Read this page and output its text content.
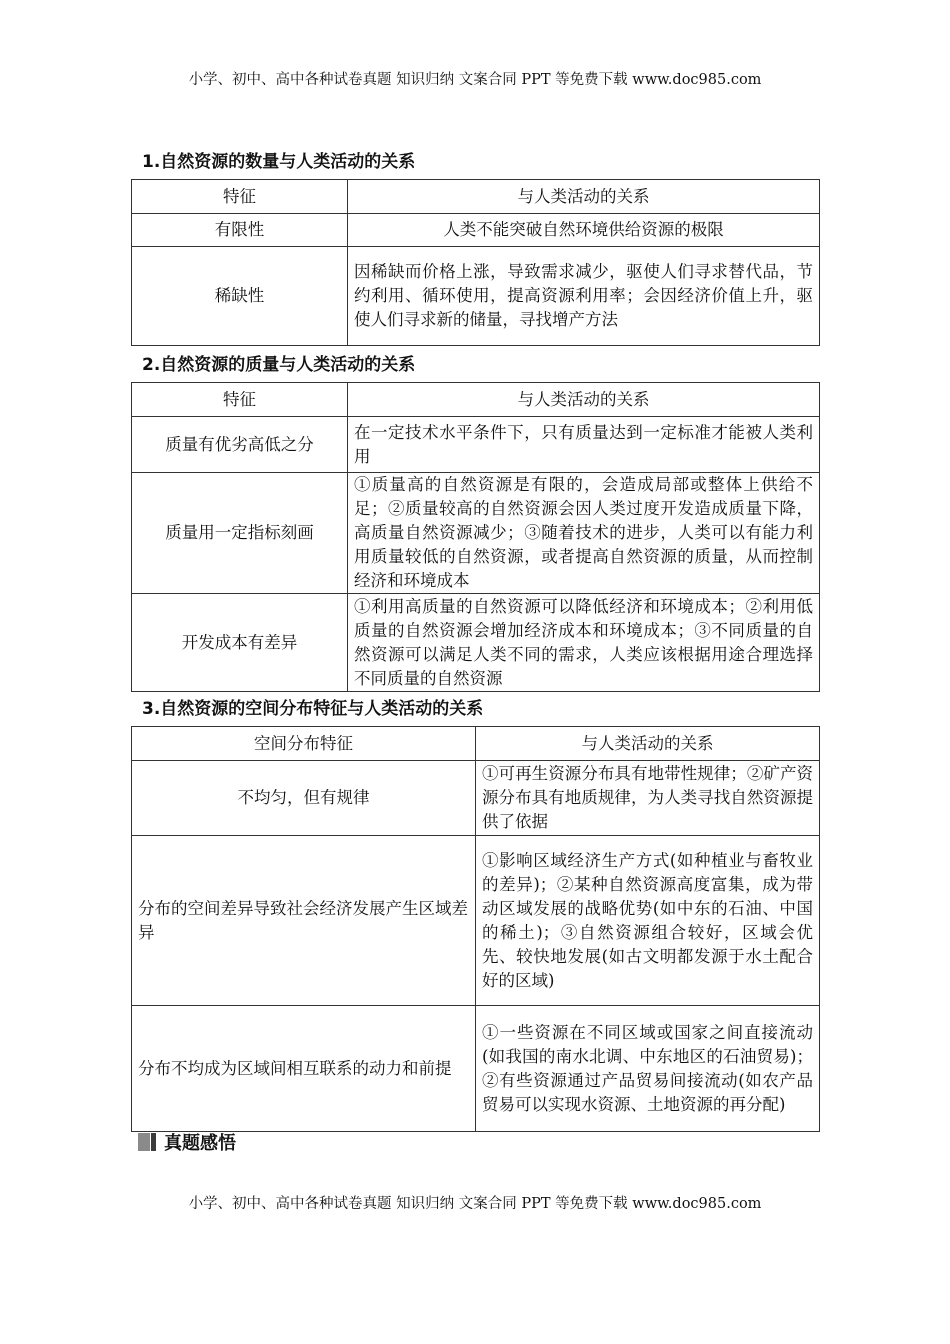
小学、初中、高中各种试卷真题 知识归纳 文案合同 PPT 等免费下载 www.doc985.com
1.自然资源的数量与人类活动的关系
特征	与人类活动的关系
有限性	人类不能突破自然环境供给资源的极限
稀缺性	因稀缺而价格上涨，导致需求减少，驱使人们寻求替代品，节约利用、循环使用，提高资源利用率；会因经济价值上升，驱使人们寻求新的储量，寻找增产方法
2.自然资源的质量与人类活动的关系
特征	与人类活动的关系
质量有优劣高低之分	在一定技术水平条件下，只有质量达到一定标准才能被人类利用
质量用一定指标刻画	①质量高的自然资源是有限的，会造成局部或整体上供给不足；②质量较高的自然资源会因人类过度开发造成质量下降，高质量自然资源减少；③随着技术的进步，人类可以有能力利用质量较低的自然资源，或者提高自然资源的质量，从而控制经济和环境成本
开发成本有差异	①利用高质量的自然资源可以降低经济和环境成本；②利用低质量的自然资源会增加经济成本和环境成本；③不同质量的自然资源可以满足人类不同的需求，人类应该根据用途合理选择不同质量的自然资源
3.自然资源的空间分布特征与人类活动的关系
空间分布特征	与人类活动的关系
不均匀，但有规律	①可再生资源分布具有地带性规律；②矿产资源分布具有地质规律，为人类寻找自然资源提供了依据
分布的空间差异导致社会经济发展产生区域差异	①影响区域经济生产方式(如种植业与畜牧业的差异)；②某种自然资源高度富集，成为带动区域发展的战略优势(如中东的石油、中国的稀土)；③自然资源组合较好，区域会优先、较快地发展(如古文明都发源于水土配合好的区域)
分布不均成为区域间相互联系的动力和前提	①一些资源在不同区域或国家之间直接流动(如我国的南水北调、中东地区的石油贸易)；②有些资源通过产品贸易间接流动(如农产品贸易可以实现水资源、土地资源的再分配)
真题感悟
小学、初中、高中各种试卷真题 知识归纳 文案合同 PPT 等免费下载 www.doc985.com
